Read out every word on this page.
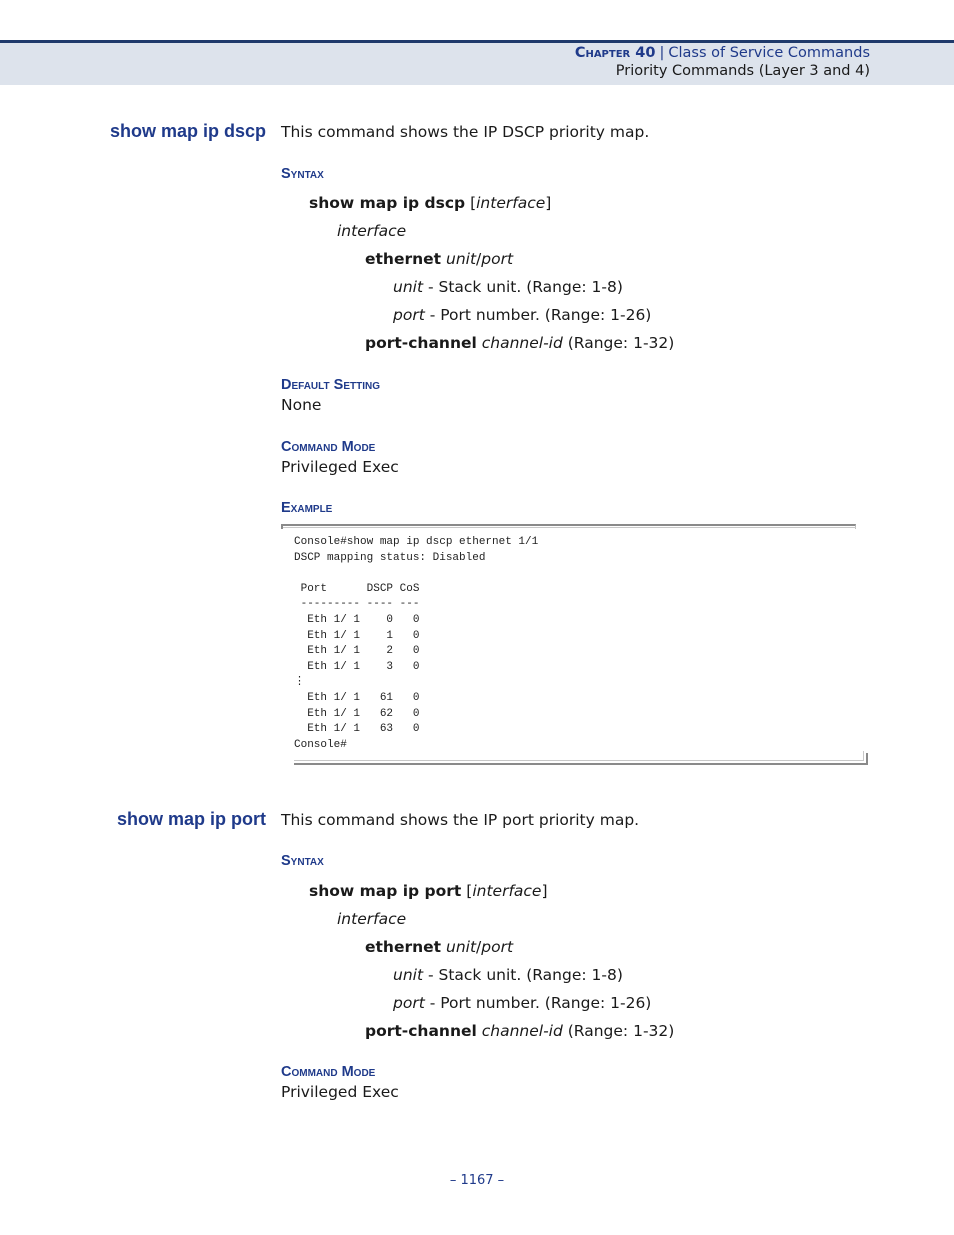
Chapter 40 | Class of Service Commands
Priority Commands (Layer 3 and 4)
show map ip dscp This command shows the IP DSCP priority map.
Syntax
show map ip dscp [interface]
interface
ethernet unit/port
unit - Stack unit. (Range: 1-8)
port - Port number. (Range: 1-26)
port-channel channel-id (Range: 1-32)
Default Setting
None
Command Mode
Privileged Exec
Example
Console#show map ip dscp ethernet 1/1
DSCP mapping status: Disabled

Port      DSCP CoS
--------- ---- ---
Eth 1/ 1    0   0
Eth 1/ 1    1   0
Eth 1/ 1    2   0
Eth 1/ 1    3   0
⋮
Eth 1/ 1   61   0
Eth 1/ 1   62   0
Eth 1/ 1   63   0
Console#
show map ip port This command shows the IP port priority map.
Syntax
show map ip port [interface]
interface
ethernet unit/port
unit - Stack unit. (Range: 1-8)
port - Port number. (Range: 1-26)
port-channel channel-id (Range: 1-32)
Command Mode
Privileged Exec
– 1167 –
